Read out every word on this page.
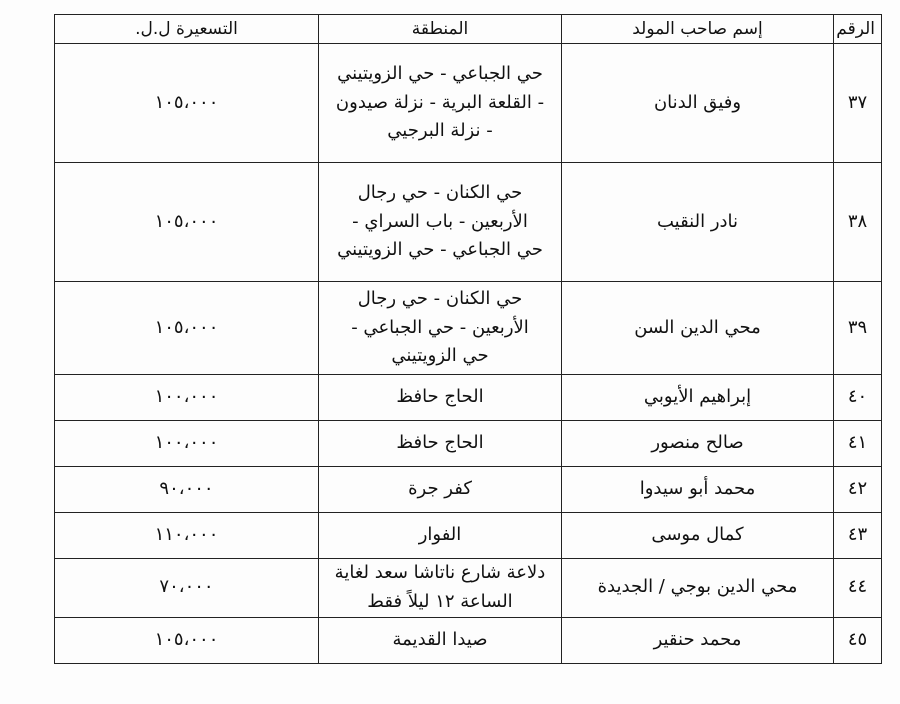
الرقم	إسم صاحب المولد	المنطقة	التسعيرة ل.ل.
٣٧	وفيق الدنان	حي الجباعي - حي الزويتيني
- القلعة البرية - نزلة صيدون
- نزلة البرجيي	١٠٥،٠٠٠
٣٨	نادر النقيب	حي الكنان - حي رجال
الأربعين - باب السراي -
حي الجباعي - حي الزويتيني	١٠٥،٠٠٠
٣٩	محي الدين السن	حي الكنان - حي رجال
الأربعين - حي الجباعي -
حي الزويتيني	١٠٥،٠٠٠
٤٠	إبراهيم الأيوبي	الحاج حافظ	١٠٠،٠٠٠
٤١	صالح منصور	الحاج حافظ	١٠٠،٠٠٠
٤٢	محمد أبو سيدوا	كفر جرة	٩٠،٠٠٠
٤٣	كمال موسى	الفوار	١١٠،٠٠٠
٤٤	محي الدين بوجي / الجديدة	دلاعة شارع ناتاشا سعد لغاية
الساعة ١٢ ليلاً فقط	٧٠،٠٠٠
٤٥	محمد حنقير	صيدا القديمة	١٠٥،٠٠٠
